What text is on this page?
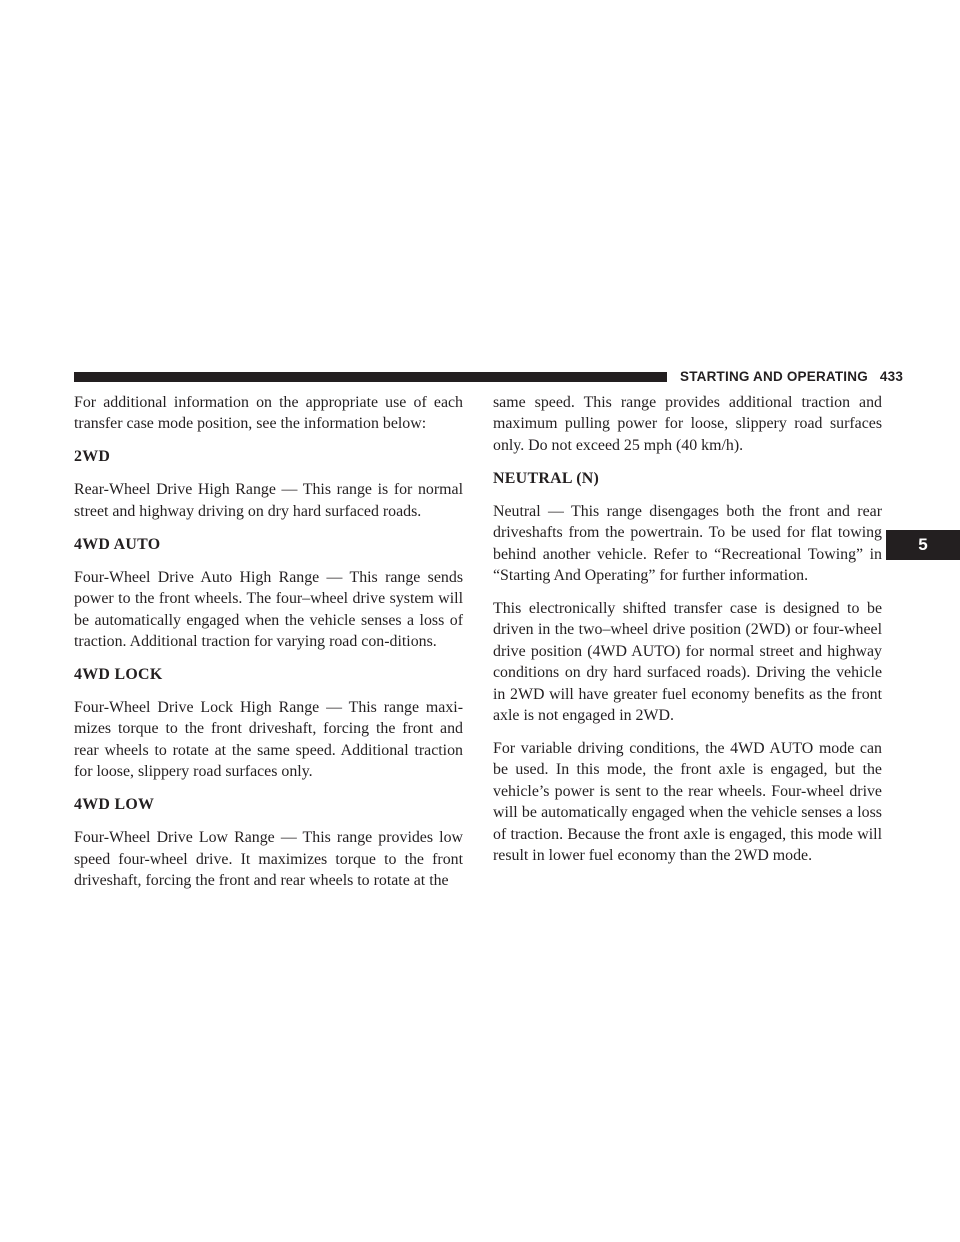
STARTING AND OPERATING 433
5

For additional information on the appropriate use of each transfer case mode position, see the information below:

2WD

Rear-Wheel Drive High Range — This range is for normal street and highway driving on dry hard surfaced roads.

4WD AUTO

Four-Wheel Drive Auto High Range — This range sends power to the front wheels. The four–wheel drive system will be automatically engaged when the vehicle senses a loss of traction. Additional traction for varying road con-ditions.

4WD LOCK

Four-Wheel Drive Lock High Range — This range maxi-mizes torque to the front driveshaft, forcing the front and rear wheels to rotate at the same speed. Additional traction for loose, slippery road surfaces only.

4WD LOW

Four-Wheel Drive Low Range — This range provides low speed four-wheel drive. It maximizes torque to the front driveshaft, forcing the front and rear wheels to rotate at the

same speed. This range provides additional traction and maximum pulling power for loose, slippery road surfaces only. Do not exceed 25 mph (40 km/h).

NEUTRAL (N)

Neutral — This range disengages both the front and rear driveshafts from the powertrain. To be used for flat towing behind another vehicle. Refer to “Recreational Towing” in “Starting And Operating” for further information.

This electronically shifted transfer case is designed to be driven in the two–wheel drive position (2WD) or four-wheel drive position (4WD AUTO) for normal street and highway conditions on dry hard surfaced roads). Driving the vehicle in 2WD will have greater fuel economy benefits as the front axle is not engaged in 2WD.

For variable driving conditions, the 4WD AUTO mode can be used. In this mode, the front axle is engaged, but the vehicle’s power is sent to the rear wheels. Four-wheel drive will be automatically engaged when the vehicle senses a loss of traction. Because the front axle is engaged, this mode will result in lower fuel economy than the 2WD mode.
